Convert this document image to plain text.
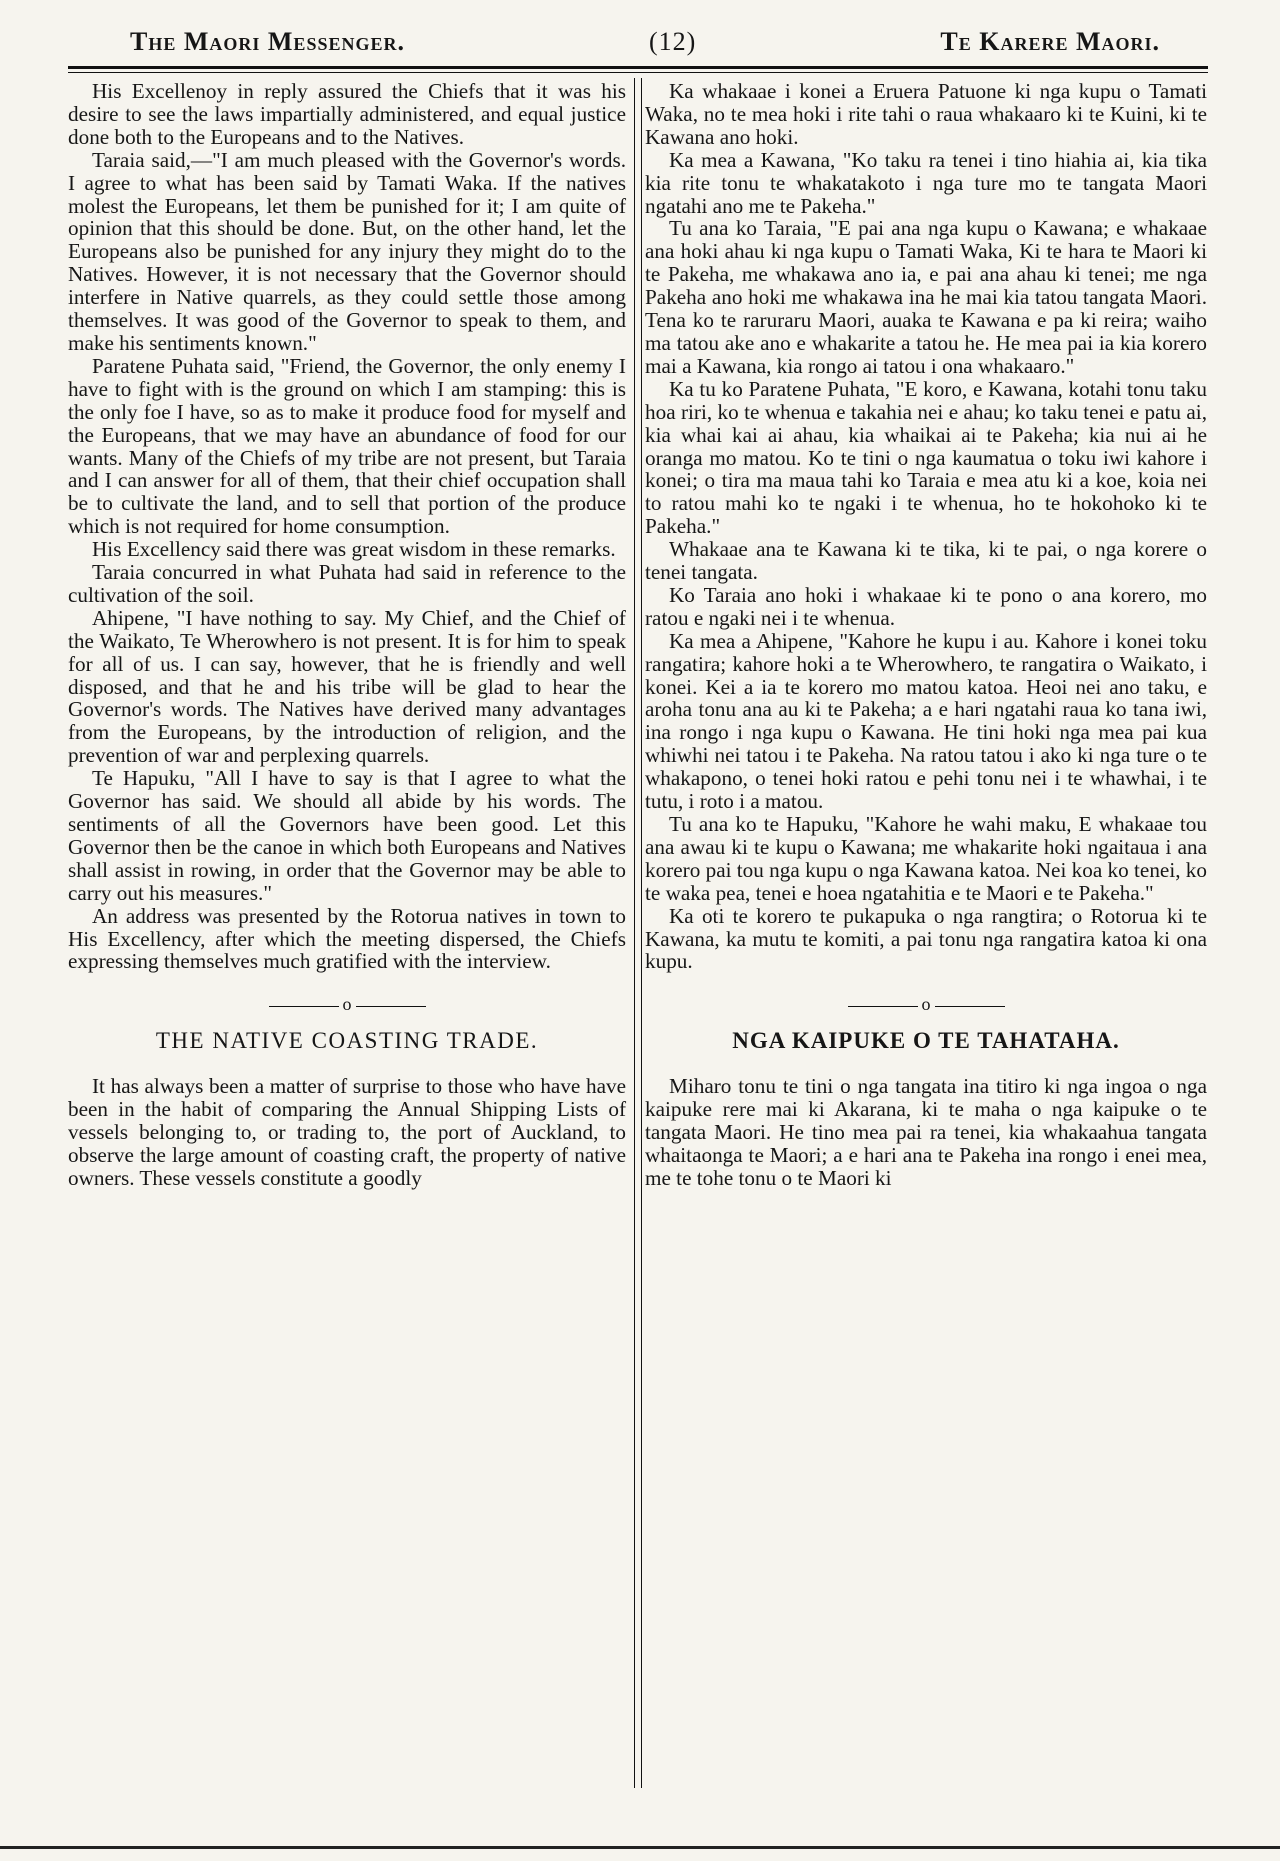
The Maori Messenger.	(12)	Te Karere Maori.

His Excellenoy in reply assured the Chiefs that it was his desire to see the laws impartially administered, and equal justice done both to the Europeans and to the Natives.

Taraia said,—"I am much pleased with the Governor's words. I agree to what has been said by Tamati Waka. If the natives molest the Europeans, let them be punished for it; I am quite of opinion that this should be done. But, on the other hand, let the Europeans also be punished for any injury they might do to the Natives. However, it is not necessary that the Governor should interfere in Native quarrels, as they could settle those among themselves. It was good of the Governor to speak to them, and make his sentiments known."

Paratene Puhata said, "Friend, the Governor, the only enemy I have to fight with is the ground on which I am stamping: this is the only foe I have, so as to make it produce food for myself and the Europeans, that we may have an abundance of food for our wants. Many of the Chiefs of my tribe are not present, but Taraia and I can answer for all of them, that their chief occupation shall be to cultivate the land, and to sell that portion of the produce which is not required for home consumption.

His Excellency said there was great wisdom in these remarks.

Taraia concurred in what Puhata had said in reference to the cultivation of the soil.

Ahipene, "I have nothing to say. My Chief, and the Chief of the Waikato, Te Wherowhero is not present. It is for him to speak for all of us. I can say, however, that he is friendly and well disposed, and that he and his tribe will be glad to hear the Governor's words. The Natives have derived many advantages from the Europeans, by the introduction of religion, and the prevention of war and perplexing quarrels.

Te Hapuku, "All I have to say is that I agree to what the Governor has said. We should all abide by his words. The sentiments of all the Governors have been good. Let this Governor then be the canoe in which both Europeans and Natives shall assist in rowing, in order that the Governor may be able to carry out his measures."

An address was presented by the Rotorua natives in town to His Excellency, after which the meeting dispersed, the Chiefs expressing themselves much gratified with the interview.

o
THE NATIVE COASTING TRADE.

It has always been a matter of surprise to those who have have been in the habit of comparing the Annual Shipping Lists of vessels belonging to, or trading to, the port of Auckland, to observe the large amount of coasting craft, the property of native owners. These vessels constitute a goodly

Ka whakaae i konei a Eruera Patuone ki nga kupu o Tamati Waka, no te mea hoki i rite tahi o raua whakaaro ki te Kuini, ki te Kawana ano hoki.

Ka mea a Kawana, "Ko taku ra tenei i tino hiahia ai, kia tika kia rite tonu te whakatakoto i nga ture mo te tangata Maori ngatahi ano me te Pakeha."

Tu ana ko Taraia, "E pai ana nga kupu o Kawana; e whakaae ana hoki ahau ki nga kupu o Tamati Waka, Ki te hara te Maori ki te Pakeha, me whakawa ano ia, e pai ana ahau ki tenei; me nga Pakeha ano hoki me whakawa ina he mai kia tatou tangata Maori. Tena ko te raruraru Maori, auaka te Kawana e pa ki reira; waiho ma tatou ake ano e whakarite a tatou he. He mea pai ia kia korero mai a Kawana, kia rongo ai tatou i ona whakaaro."

Ka tu ko Paratene Puhata, "E koro, e Kawana, kotahi tonu taku hoa riri, ko te whenua e takahia nei e ahau; ko taku tenei e patu ai, kia whai kai ai ahau, kia whaikai ai te Pakeha; kia nui ai he oranga mo matou. Ko te tini o nga kaumatua o toku iwi kahore i konei; o tira ma maua tahi ko Taraia e mea atu ki a koe, koia nei to ratou mahi ko te ngaki i te whenua, ho te hokohoko ki te Pakeha."

Whakaae ana te Kawana ki te tika, ki te pai, o nga korere o tenei tangata.

Ko Taraia ano hoki i whakaae ki te pono o ana korero, mo ratou e ngaki nei i te whenua.

Ka mea a Ahipene, "Kahore he kupu i au. Kahore i konei toku rangatira; kahore hoki a te Wherowhero, te rangatira o Waikato, i konei. Kei a ia te korero mo matou katoa. Heoi nei ano taku, e aroha tonu ana au ki te Pakeha; a e hari ngatahi raua ko tana iwi, ina rongo i nga kupu o Kawana. He tini hoki nga mea pai kua whiwhi nei tatou i te Pakeha. Na ratou tatou i ako ki nga ture o te whakapono, o tenei hoki ratou e pehi tonu nei i te whawhai, i te tutu, i roto i a matou.

Tu ana ko te Hapuku, "Kahore he wahi maku, E whakaae tou ana awau ki te kupu o Kawana; me whakarite hoki ngaitaua i ana korero pai tou nga kupu o nga Kawana katoa. Nei koa ko tenei, ko te waka pea, tenei e hoea ngatahitia e te Maori e te Pakeha."

Ka oti te korero te pukapuka o nga rangtira; o Rotorua ki te Kawana, ka mutu te komiti, a pai tonu nga rangatira katoa ki ona kupu.

o
NGA KAIPUKE O TE TAHATAHA.

Miharo tonu te tini o nga tangata ina titiro ki nga ingoa o nga kaipuke rere mai ki Akarana, ki te maha o nga kaipuke o te tangata Maori. He tino mea pai ra tenei, kia whakaahua tangata whaitaonga te Maori; a e hari ana te Pakeha ina rongo i enei mea, me te tohe tonu o te Maori ki
